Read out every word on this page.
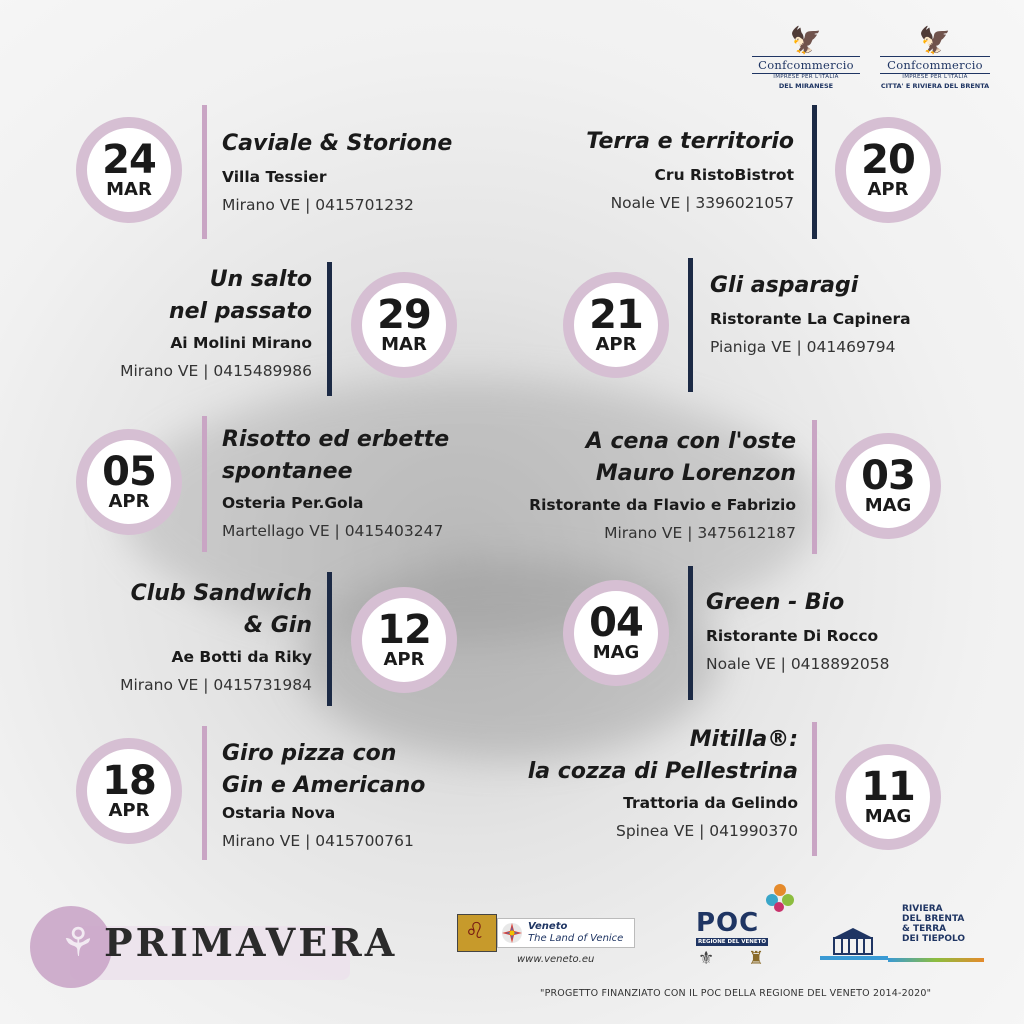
🦅
Confcommercio
IMPRESE PER L'ITALIA
DEL MIRANESE
🦅
Confcommercio
IMPRESE PER L'ITALIA
CITTA' E RIVIERA DEL BRENTA
24
MAR
Caviale & Storione
Villa Tessier
Mirano VE | 0415701232
Un salto
nel passato
Ai Molini Mirano
Mirano VE | 0415489986
29
MAR
05
APR
Risotto ed erbette
spontanee
Osteria Per.Gola
Martellago VE | 0415403247
Club Sandwich
& Gin
Ae Botti da Riky
Mirano VE | 0415731984
12
APR
18
APR
Giro pizza con
Gin e Americano
Ostaria Nova
Mirano VE | 0415700761
Terra e territorio
Cru RistoBistrot
Noale VE | 3396021057
20
APR
21
APR
Gli asparagi
Ristorante La Capinera
Pianiga VE | 041469794
A cena con l'oste
Mauro Lorenzon
Ristorante da Flavio e Fabrizio
Mirano VE | 3475612187
03
MAG
04
MAG
Green - Bio
Ristorante Di Rocco
Noale VE | 0418892058
Mitilla®:
la cozza di Pellestrina
Trattoria da Gelindo
Spinea VE | 041990370
11
MAG
⚘ PRIMAVERA	♌	Veneto
The Land of Venice
www.veneto.eu
POC
REGIONE DEL VENETO
⚜ ♜
RIVIERA
DEL BRENTA
& TERRA
DEI TIEPOLO
"PROGETTO FINANZIATO CON IL POC DELLA REGIONE DEL VENETO 2014-2020"
